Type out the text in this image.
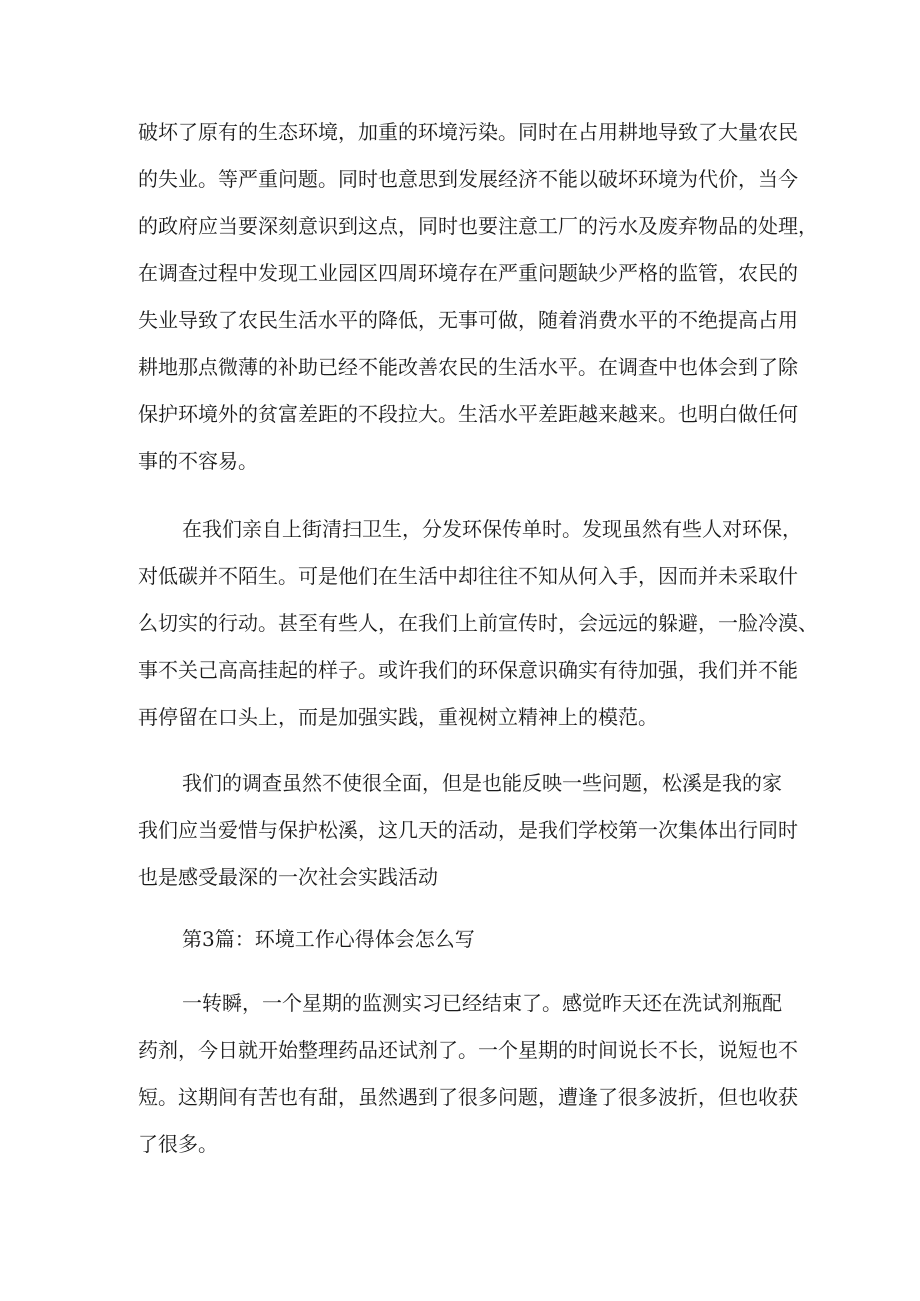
破坏了原有的生态环境，加重的环境污染。同时在占用耕地导致了大量农民
的失业。等严重问题。同时也意思到发展经济不能以破坏环境为代价，当今
的政府应当要深刻意识到这点，同时也要注意工厂的污水及废弃物品的处理，
在调查过程中发现工业园区四周环境存在严重问题缺少严格的监管，农民的
失业导致了农民生活水平的降低，无事可做，随着消费水平的不绝提高占用
耕地那点微薄的补助已经不能改善农民的生活水平。在调查中也体会到了除
保护环境外的贫富差距的不段拉大。生活水平差距越来越来。也明白做任何
事的不容易。
在我们亲自上街清扫卫生，分发环保传单时。发现虽然有些人对环保，
对低碳并不陌生。可是他们在生活中却往往不知从何入手，因而并未采取什
么切实的行动。甚至有些人，在我们上前宣传时，会远远的躲避，一脸冷漠、
事不关己高高挂起的样子。或许我们的环保意识确实有待加强，我们并不能
再停留在口头上，而是加强实践，重视树立精神上的模范。
我们的调查虽然不使很全面，但是也能反映一些问题，松溪是我的家
我们应当爱惜与保护松溪，这几天的活动，是我们学校第一次集体出行同时
也是感受最深的一次社会实践活动
第3篇：环境工作心得体会怎么写
一转瞬，一个星期的监测实习已经结束了。感觉昨天还在洗试剂瓶配
药剂，今日就开始整理药品还试剂了。一个星期的时间说长不长，说短也不
短。这期间有苦也有甜，虽然遇到了很多问题，遭逢了很多波折，但也收获
了很多。
